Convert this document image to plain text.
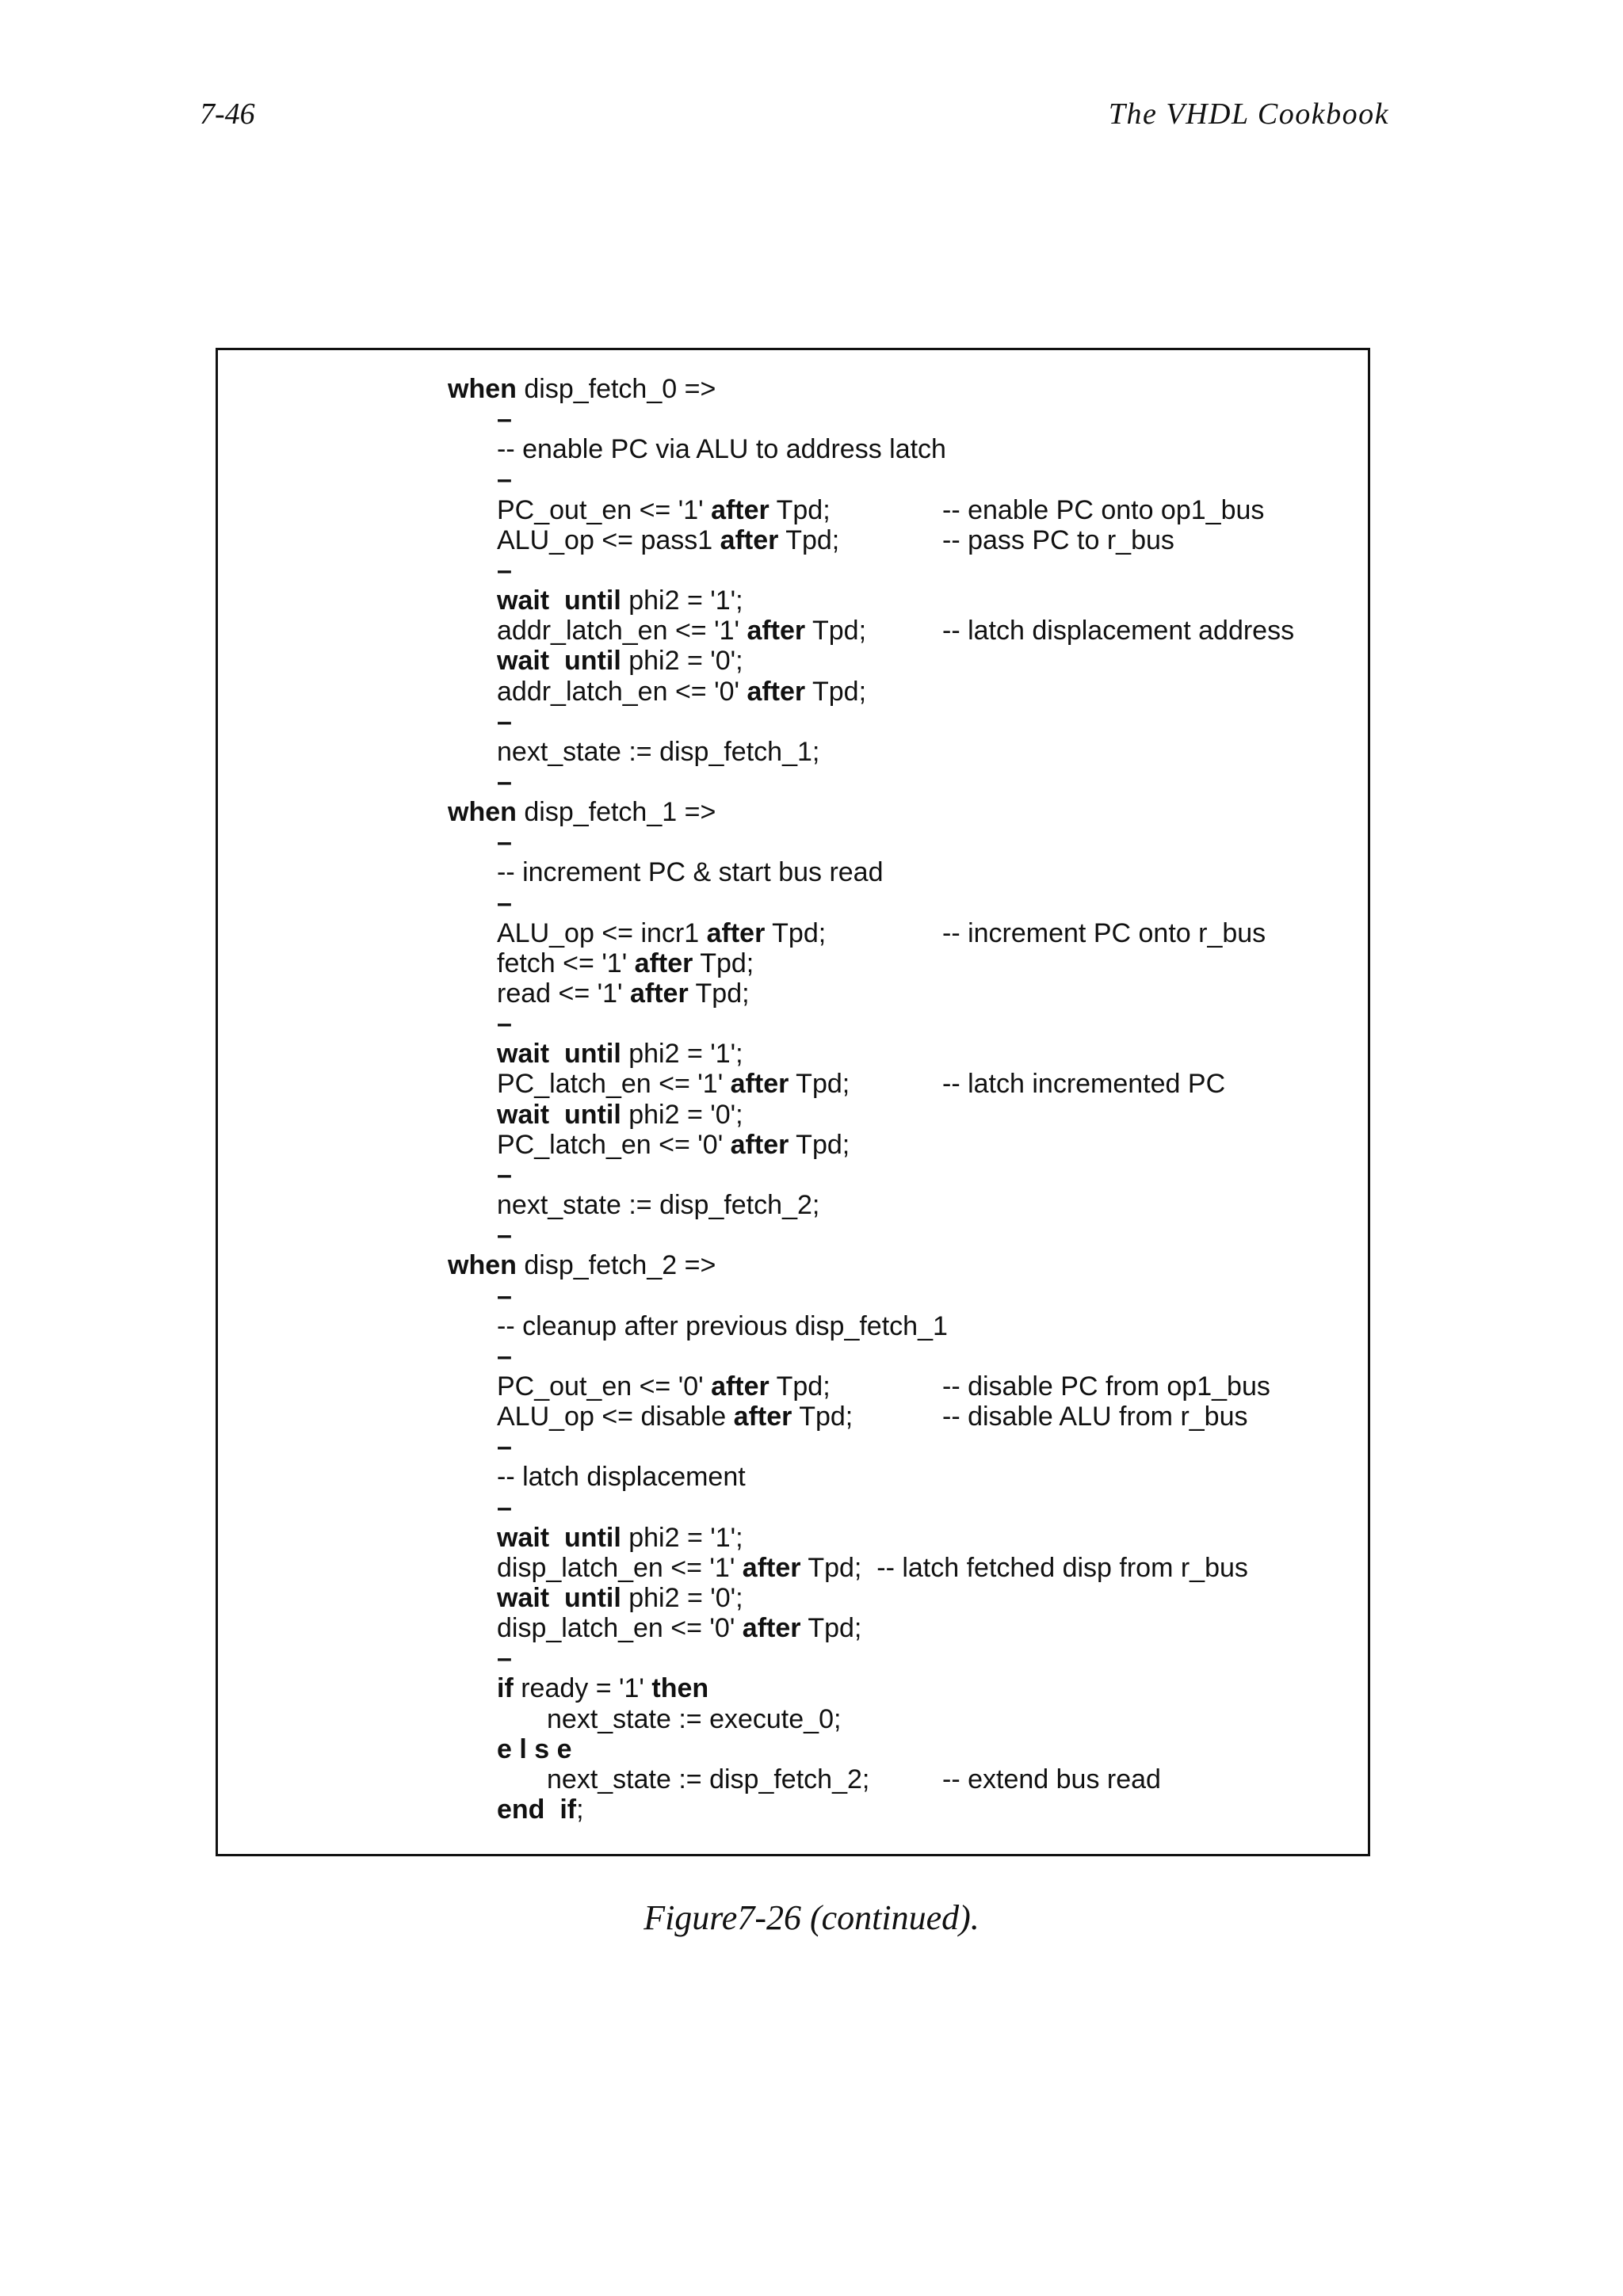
7-46	The VHDL Cookbook
when disp_fetch_0 =>
–
-- enable PC via ALU to address latch
–
PC_out_en <= '1' after Tpd;	-- enable PC onto op1_bus
ALU_op <= pass1 after Tpd;	-- pass PC to r_bus
–
wait  until phi2 = '1';
addr_latch_en <= '1' after Tpd;	-- latch displacement address
wait  until phi2 = '0';
addr_latch_en <= '0' after Tpd;
–
next_state := disp_fetch_1;
–
when disp_fetch_1 =>
–
-- increment PC & start bus read
–
ALU_op <= incr1 after Tpd;	-- increment PC onto r_bus
fetch <= '1' after Tpd;
read <= '1' after Tpd;
–
wait  until phi2 = '1';
PC_latch_en <= '1' after Tpd;	-- latch incremented PC
wait  until phi2 = '0';
PC_latch_en <= '0' after Tpd;
–
next_state := disp_fetch_2;
–
when disp_fetch_2 =>
–
-- cleanup after previous disp_fetch_1
–
PC_out_en <= '0' after Tpd;	-- disable PC from op1_bus
ALU_op <= disable after Tpd;	-- disable ALU from r_bus
–
-- latch displacement
–
wait  until phi2 = '1';
disp_latch_en <= '1' after Tpd;  -- latch fetched disp from r_bus
wait  until phi2 = '0';
disp_latch_en <= '0' after Tpd;
–
if ready = '1' then
next_state := execute_0;
e l s e
next_state := disp_fetch_2;	-- extend bus read
end  if;
Figure7-26 (continued).
